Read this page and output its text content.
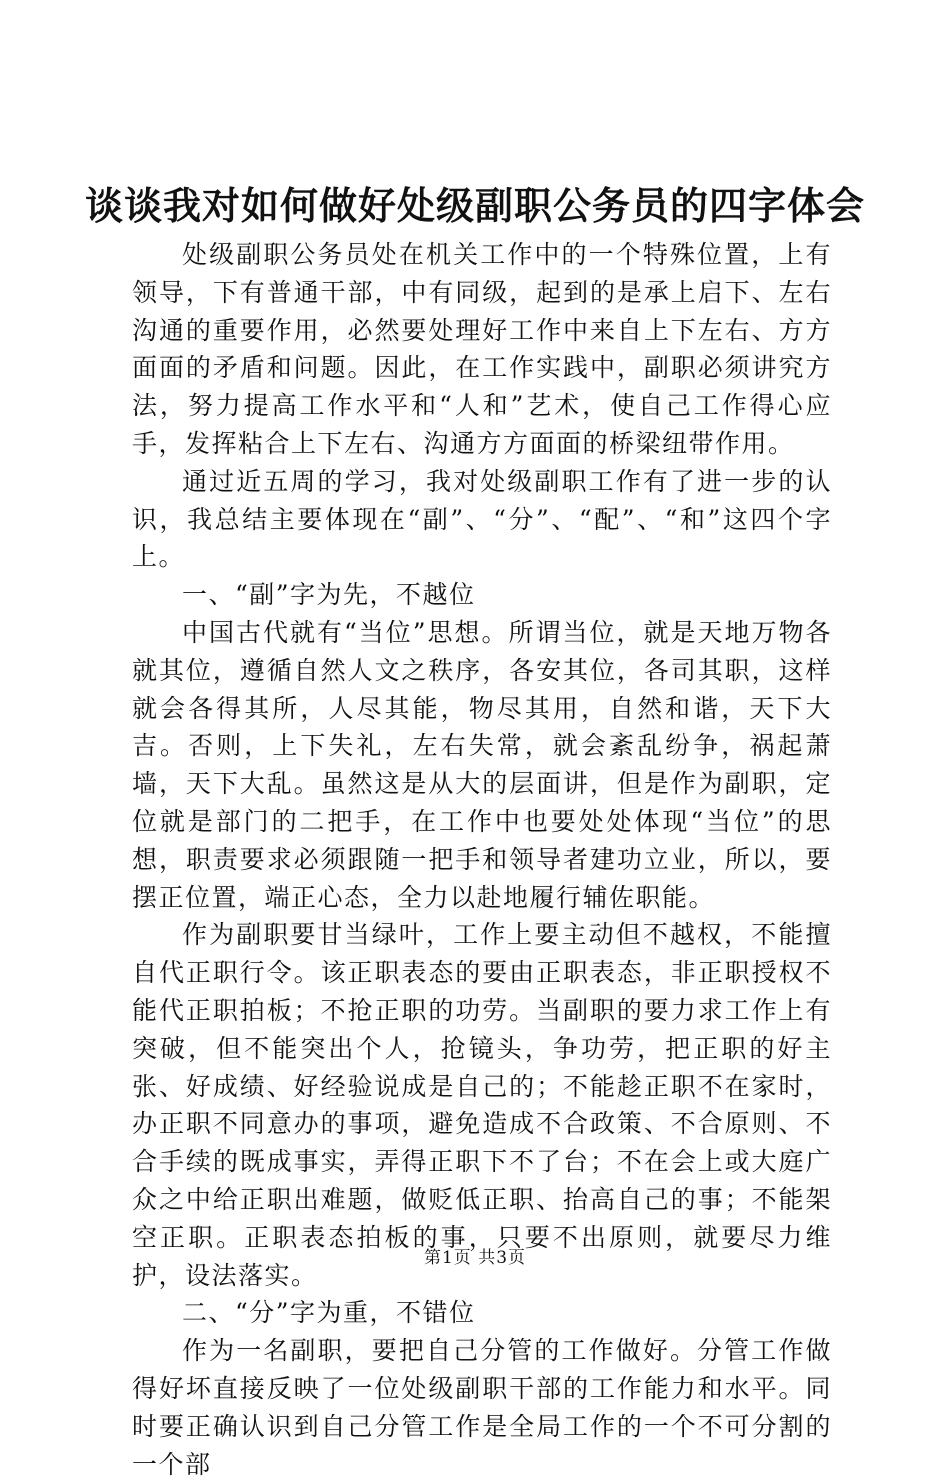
谈谈我对如何做好处级副职公务员的四字体会

处级副职公务员处在机关工作中的一个特殊位置，上有领导，下有普通干部，中有同级，起到的是承上启下、左右沟通的重要作用，必然要处理好工作中来自上下左右、方方面面的矛盾和问题。因此，在工作实践中，副职必须讲究方法，努力提高工作水平和“人和”艺术，使自己工作得心应手，发挥粘合上下左右、沟通方方面面的桥梁纽带作用。

通过近五周的学习，我对处级副职工作有了进一步的认识，我总结主要体现在“副”、“分”、“配”、“和”这四个字上。

一、“副”字为先，不越位

中国古代就有“当位”思想。所谓当位，就是天地万物各就其位，遵循自然人文之秩序，各安其位，各司其职，这样就会各得其所，人尽其能，物尽其用，自然和谐，天下大吉。否则，上下失礼，左右失常，就会紊乱纷争，祸起萧墙，天下大乱。虽然这是从大的层面讲，但是作为副职，定位就是部门的二把手，在工作中也要处处体现“当位”的思想，职责要求必须跟随一把手和领导者建功立业，所以，要摆正位置，端正心态，全力以赴地履行辅佐职能。

作为副职要甘当绿叶，工作上要主动但不越权，不能擅自代正职行令。该正职表态的要由正职表态，非正职授权不能代正职拍板；不抢正职的功劳。当副职的要力求工作上有突破，但不能突出个人，抢镜头，争功劳，把正职的好主张、好成绩、好经验说成是自己的；不能趁正职不在家时，办正职不同意办的事项，避免造成不合政策、不合原则、不合手续的既成事实，弄得正职下不了台；不在会上或大庭广众之中给正职出难题，做贬低正职、抬高自己的事；不能架空正职。正职表态拍板的事，只要不出原则，就要尽力维护，设法落实。

二、“分”字为重，不错位

作为一名副职，要把自己分管的工作做好。分管工作做得好坏直接反映了一位处级副职干部的工作能力和水平。同时要正确认识到自己分管工作是全局工作的一个不可分割的一个部

第1页 共3页
